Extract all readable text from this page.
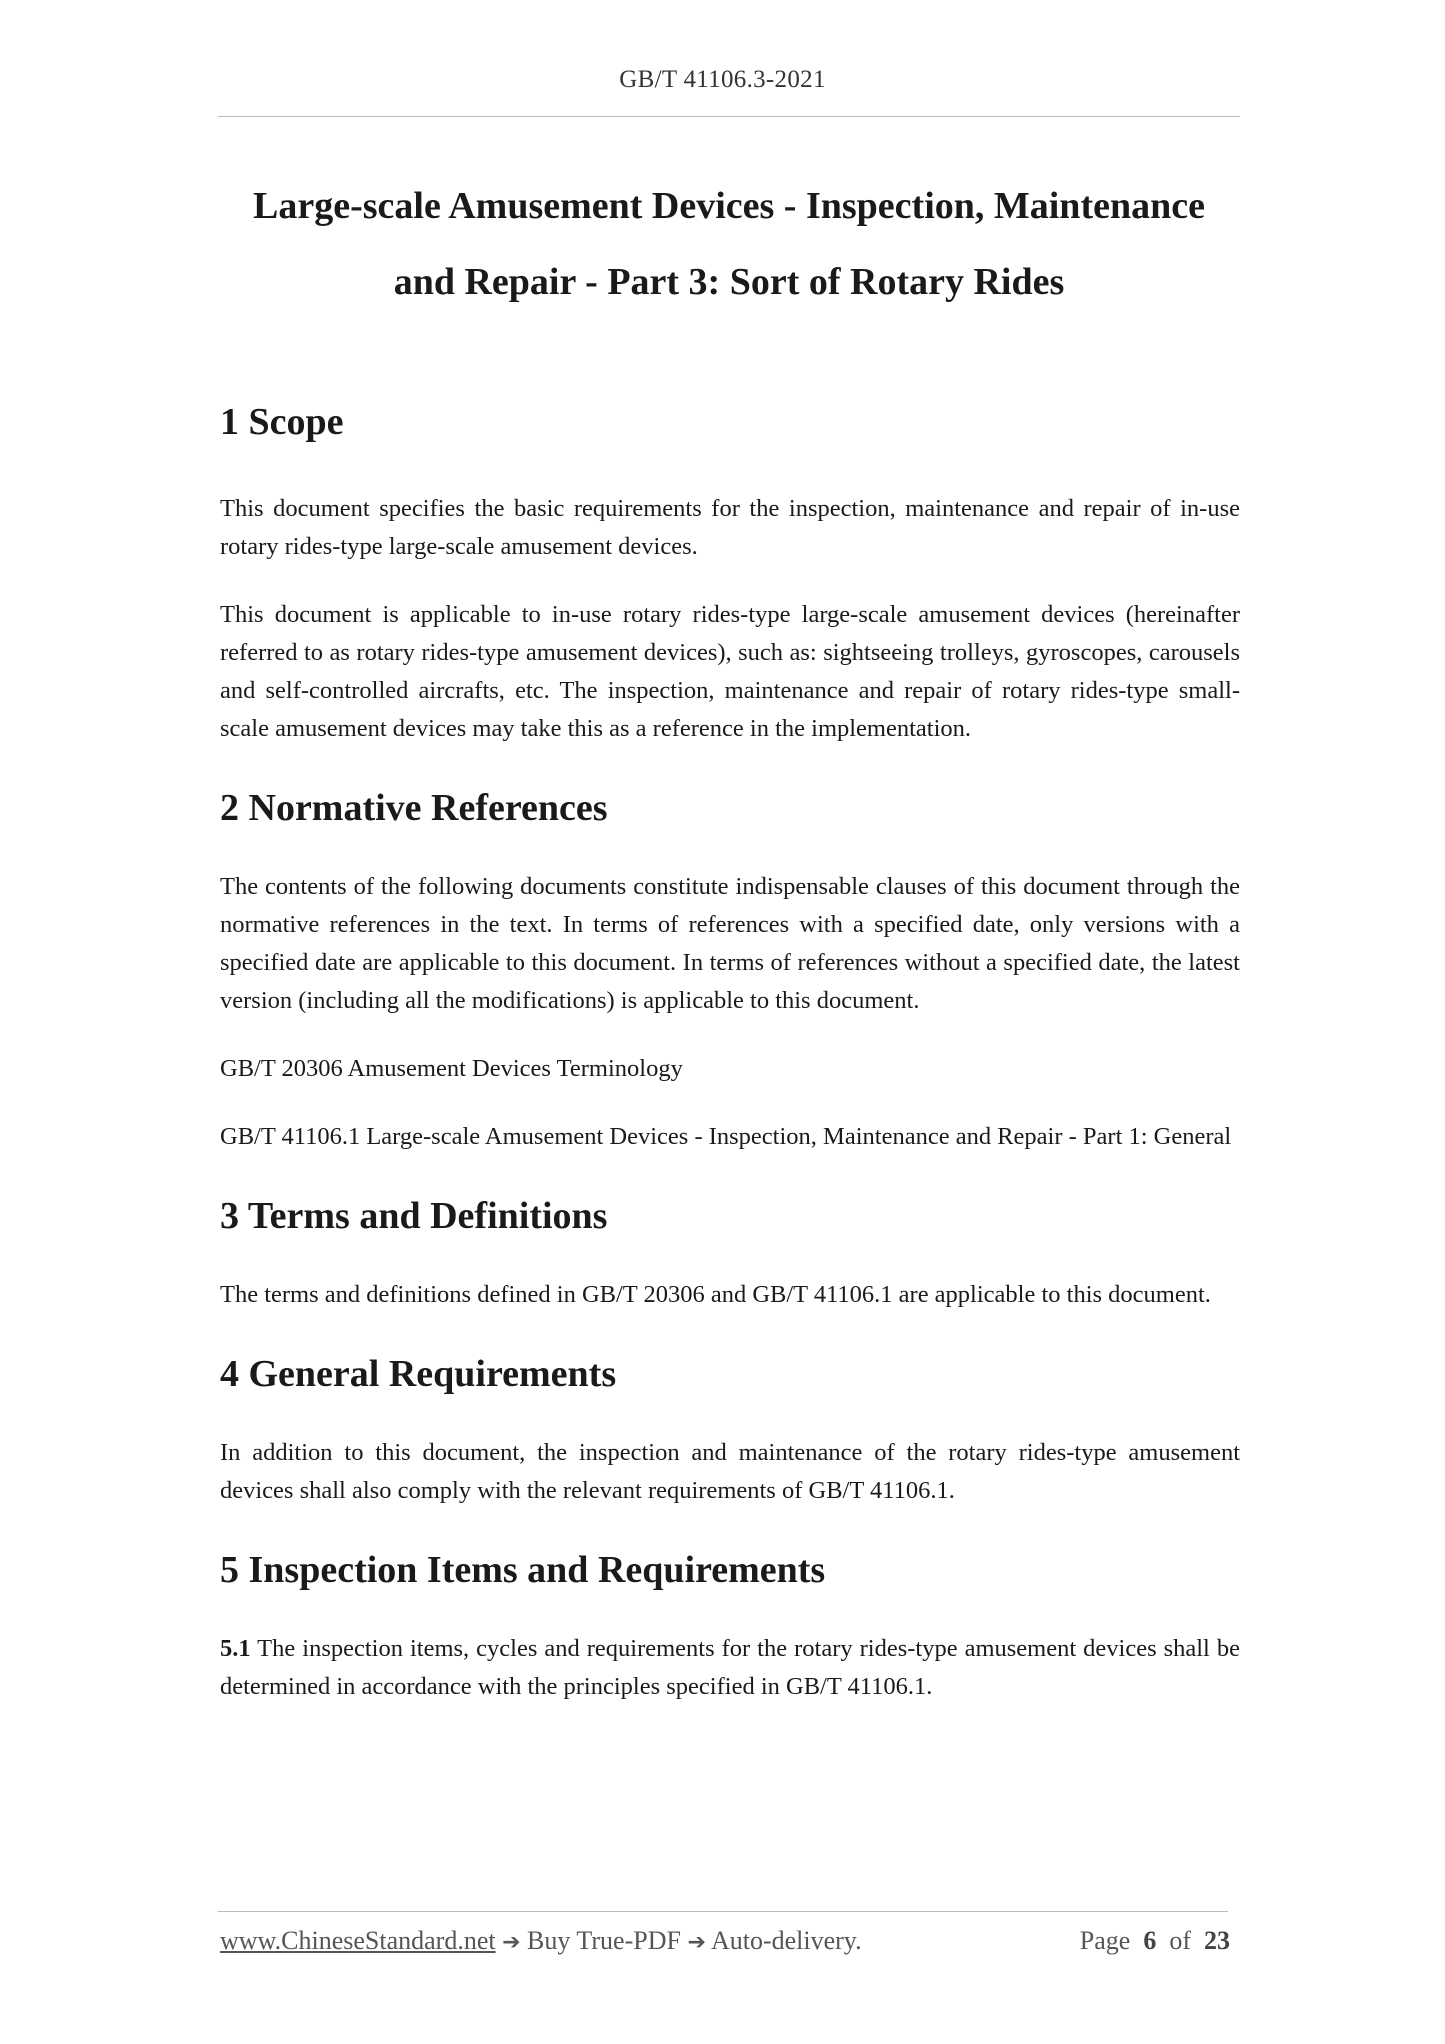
GB/T 41106.3-2021
Large-scale Amusement Devices - Inspection, Maintenance
and Repair - Part 3: Sort of Rotary Rides
1 Scope

This document specifies the basic requirements for the inspection, maintenance and repair of in-use rotary rides-type large-scale amusement devices.

This document is applicable to in-use rotary rides-type large-scale amusement devices (hereinafter referred to as rotary rides-type amusement devices), such as: sightseeing trolleys, gyroscopes, carousels and self-controlled aircrafts, etc. The inspection, maintenance and repair of rotary rides-type small-scale amusement devices may take this as a reference in the implementation.

2 Normative References

The contents of the following documents constitute indispensable clauses of this document through the normative references in the text. In terms of references with a specified date, only versions with a specified date are applicable to this document. In terms of references without a specified date, the latest version (including all the modifications) is applicable to this document.

GB/T 20306 Amusement Devices Terminology

GB/T 41106.1 Large-scale Amusement Devices - Inspection, Maintenance and Repair - Part 1: General

3 Terms and Definitions

The terms and definitions defined in GB/T 20306 and GB/T 41106.1 are applicable to this document.

4 General Requirements

In addition to this document, the inspection and maintenance of the rotary rides-type amusement devices shall also comply with the relevant requirements of GB/T 41106.1.

5 Inspection Items and Requirements

5.1 The inspection items, cycles and requirements for the rotary rides-type amusement devices shall be determined in accordance with the principles specified in GB/T 41106.1.

www.ChineseStandard.net ➔ Buy True-PDF ➔ Auto-delivery.	Page 6 of 23
